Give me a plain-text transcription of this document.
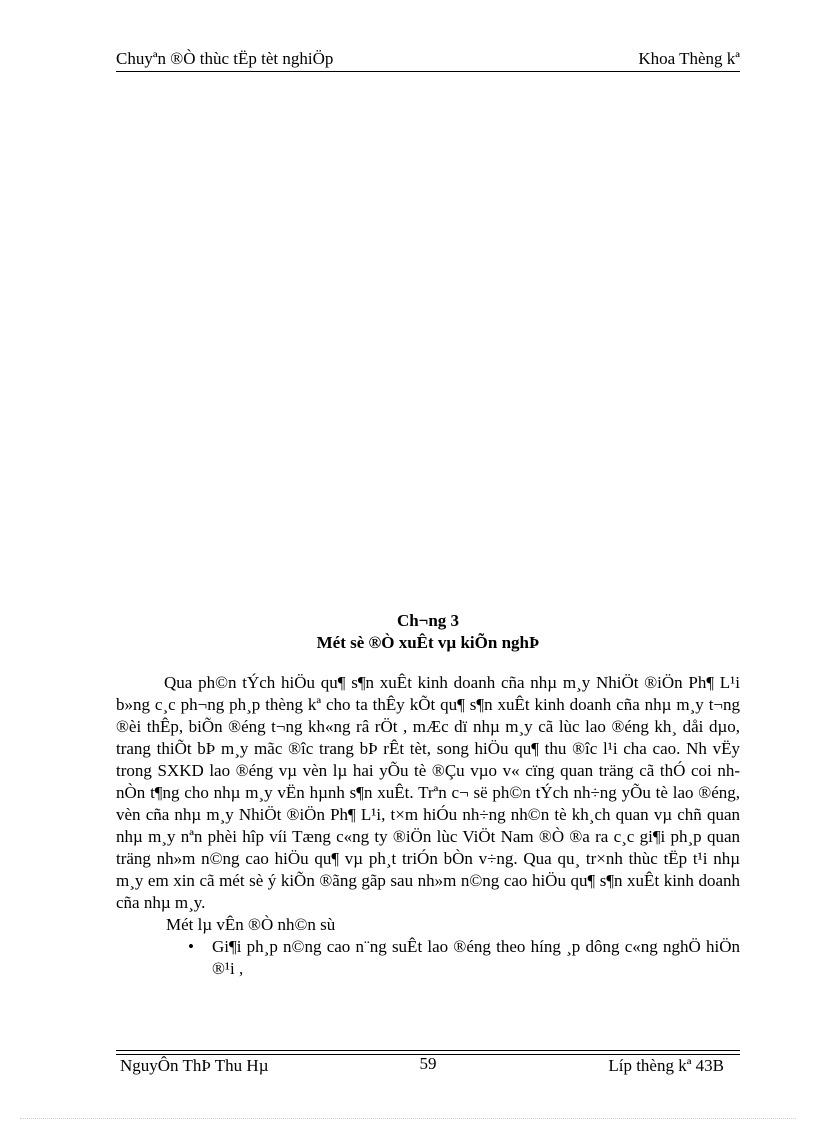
Chuyªn ®Ò thùc tËp tèt nghiÖp	Khoa Thèng kª
Ch¬ng 3
Mét sè ®Ò xuÊt vµ kiÕn nghÞ

Qua ph©n tÝch hiÖu qu¶ s¶n xuÊt kinh doanh cña nhµ m¸y NhiÖt ®iÖn Ph¶ L¹i b»ng c¸c ph¬ng ph¸p thèng kª cho ta thÊy kÕt qu¶ s¶n xuÊt kinh doanh cña nhµ m¸y t¬ng ®èi thÊp, biÕn ®éng t¬ng kh«ng râ rÖt , mÆc dï nhµ m¸y cã lùc lao ®éng kh¸ dåi dµo, trang thiÕt bÞ m¸y mãc ®îc trang bÞ rÊt tèt, song hiÖu qu¶ thu ®îc l¹i cha cao. Nh vËy trong SXKD lao ®éng vµ vèn lµ hai yÕu tè ®Çu vµo v« cïng quan träng cã thÓ coi nh nÒn t¶ng cho nhµ m¸y vËn hµnh s¶n xuÊt. Trªn c¬ së ph©n tÝch nh÷ng yÕu tè lao ®éng, vèn cña nhµ m¸y NhiÖt ®iÖn Ph¶ L¹i, t×m hiÓu nh÷ng nh©n tè kh¸ch quan vµ chñ quan nhµ m¸y nªn phèi hîp víi Tæng c«ng ty ®iÖn lùc ViÖt Nam ®Ò ®a ra c¸c gi¶i ph¸p quan träng nh»m n©ng cao hiÖu qu¶ vµ ph¸t triÓn bÒn v÷ng. Qua qu¸ tr×nh thùc tËp t¹i nhµ m¸y em xin cã mét sè ý kiÕn ®ãng gãp sau nh»m n©ng cao hiÖu qu¶ s¶n xuÊt kinh doanh cña nhµ m¸y.

Mét lµ vÊn ®Ò nh©n sù

• Gi¶i ph¸p n©ng cao n¨ng suÊt lao ®éng theo híng ¸p dông c«ng nghÖ hiÖn ®¹i ,
NguyÔn ThÞ Thu Hµ	59	Líp thèng kª 43B
